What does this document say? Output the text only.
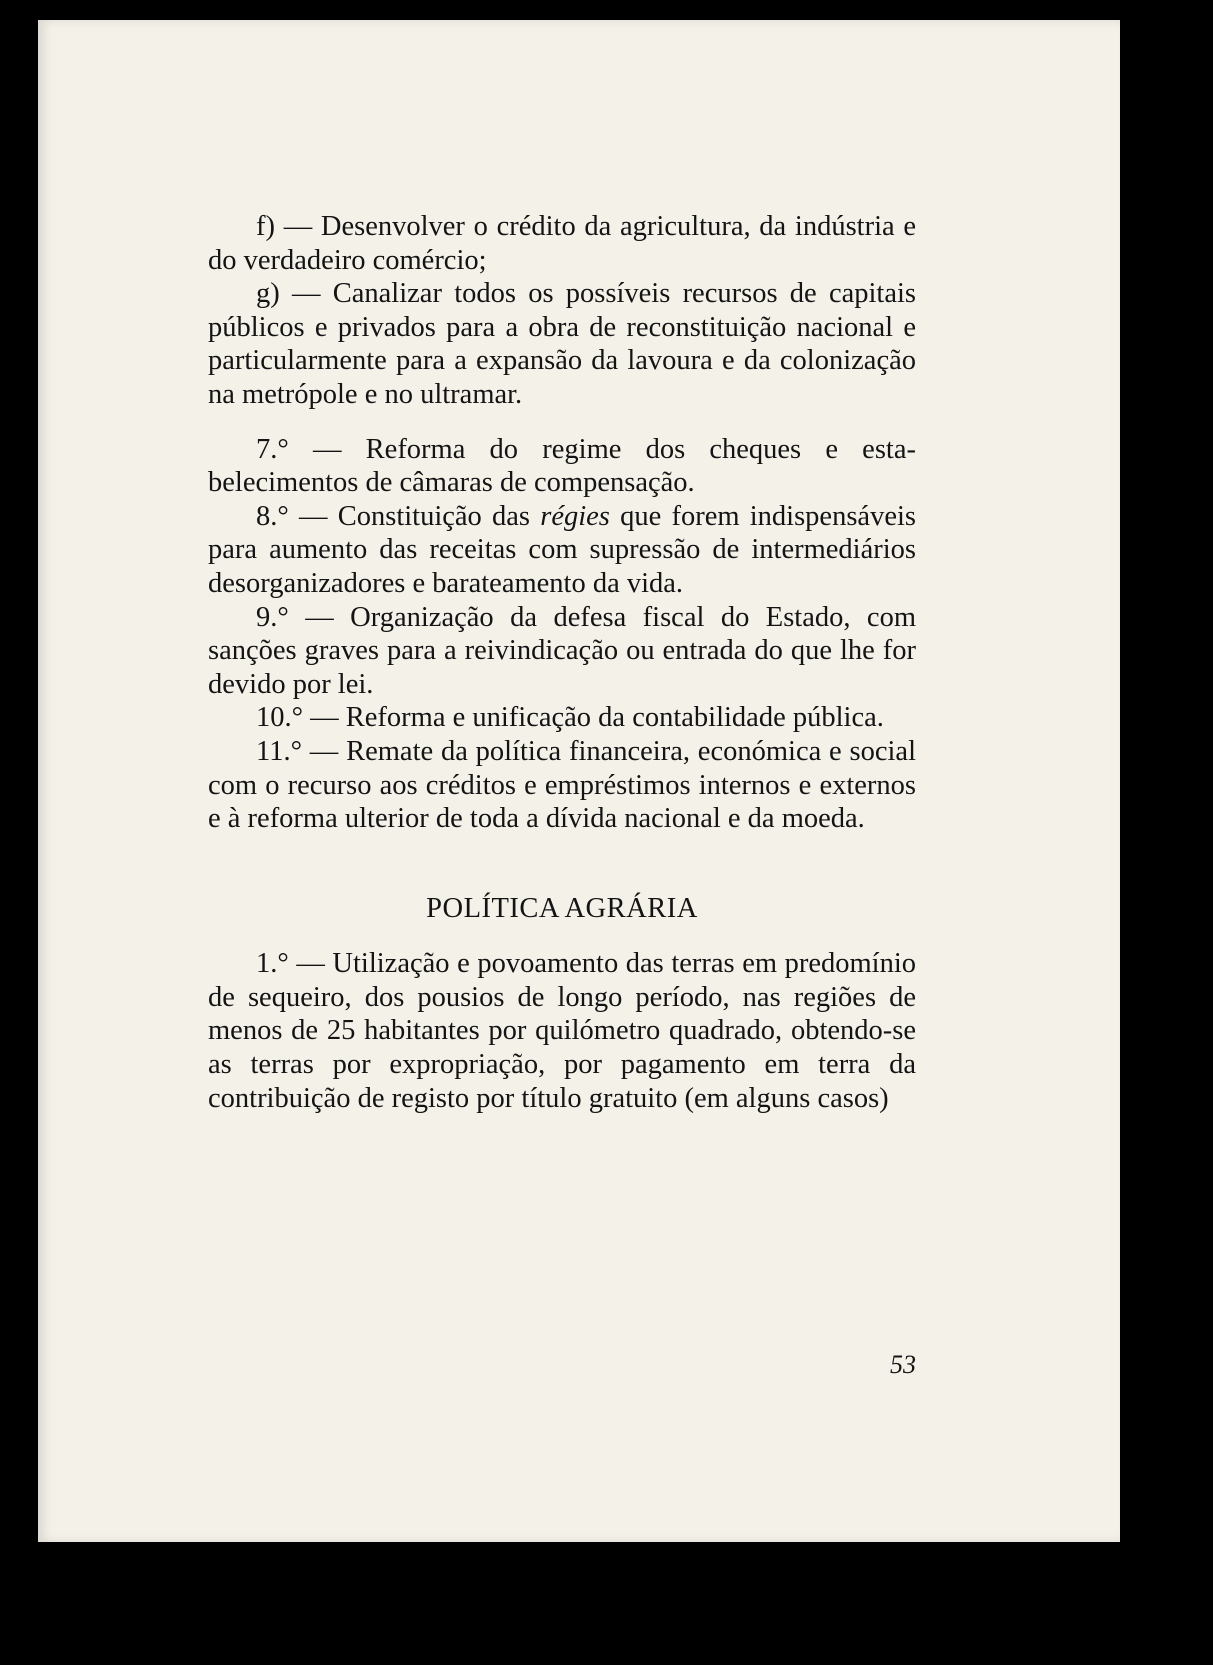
f) — Desenvolver o crédito da agricultura, da indústria e do verdadeiro comércio;

g) — Canalizar todos os possíveis recursos de capitais públicos e privados para a obra de reconstituição nacional e particularmente para a expansão da lavoura e da colonização na metrópole e no ultramar.

7.° — Reforma do regime dos cheques e estabelecimentos de câmaras de compensação.

8.° — Constituição das régies que forem indispensáveis para aumento das receitas com supressão de intermediários desorganizadores e barateamento da vida.

9.° — Organização da defesa fiscal do Estado, com sanções graves para a reivindicação ou entrada do que lhe for devido por lei.

10.° — Reforma e unificação da contabilidade pública.

11.° — Remate da política financeira, económica e social com o recurso aos créditos e empréstimos internos e externos e à reforma ulterior de toda a dívida nacional e da moeda.

POLÍTICA AGRÁRIA

1.° — Utilização e povoamento das terras em predomínio de sequeiro, dos pousios de longo período, nas regiões de menos de 25 habitantes por quilómetro quadrado, obtendo-se as terras por expropriação, por pagamento em terra da contribuição de registo por título gratuito (em alguns casos)

53
